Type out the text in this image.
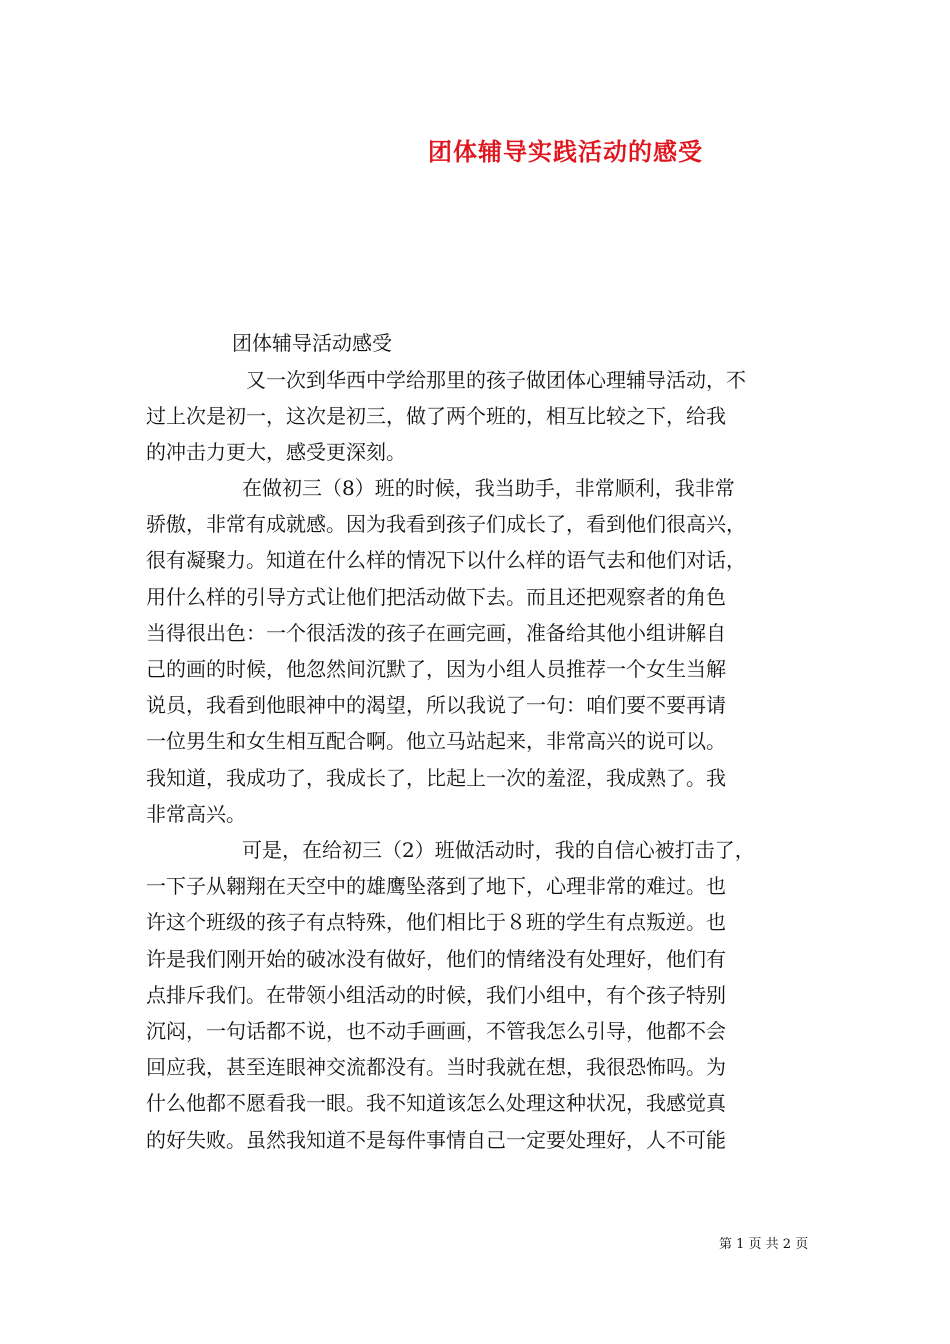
团体辅导实践活动的感受
团体辅导活动感受

又一次到华西中学给那里的孩子做团体心理辅导活动，不
过上次是初一，这次是初三，做了两个班的，相互比较之下，给我
的冲击力更大，感受更深刻。

在做初三（8）班的时候，我当助手，非常顺利，我非常
骄傲，非常有成就感。因为我看到孩子们成长了，看到他们很高兴，
很有凝聚力。知道在什么样的情况下以什么样的语气去和他们对话，
用什么样的引导方式让他们把活动做下去。而且还把观察者的角色
当得很出色：一个很活泼的孩子在画完画，准备给其他小组讲解自
己的画的时候，他忽然间沉默了，因为小组人员推荐一个女生当解
说员，我看到他眼神中的渴望，所以我说了一句：咱们要不要再请
一位男生和女生相互配合啊。他立马站起来，非常高兴的说可以。
我知道，我成功了，我成长了，比起上一次的羞涩，我成熟了。我
非常高兴。

可是，在给初三（2）班做活动时，我的自信心被打击了，
一下子从翱翔在天空中的雄鹰坠落到了地下，心理非常的难过。也
许这个班级的孩子有点特殊，他们相比于８班的学生有点叛逆。也
许是我们刚开始的破冰没有做好，他们的情绪没有处理好，他们有
点排斥我们。在带领小组活动的时候，我们小组中，有个孩子特别
沉闷，一句话都不说，也不动手画画，不管我怎么引导，他都不会
回应我，甚至连眼神交流都没有。当时我就在想，我很恐怖吗。为
什么他都不愿看我一眼。我不知道该怎么处理这种状况，我感觉真
的好失败。虽然我知道不是每件事情自己一定要处理好，人不可能

第 1 页 共 2 页
